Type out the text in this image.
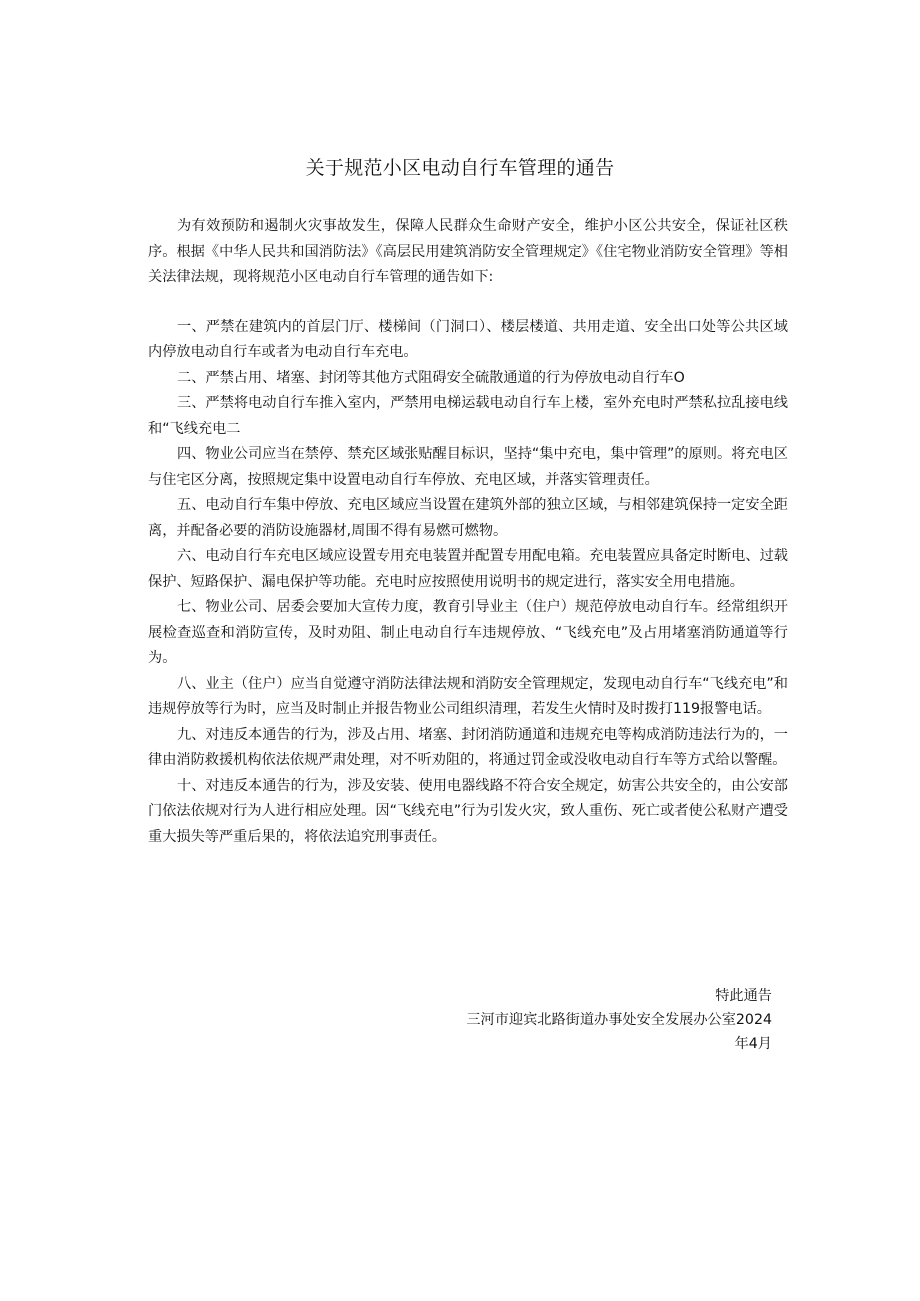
关于规范小区电动自行车管理的通告

为有效预防和遏制火灾事故发生，保障人民群众生命财产安全，维护小区公共安全，保证社区秩序。根据《中华人民共和国消防法》《高层民用建筑消防安全管理规定》《住宅物业消防安全管理》等相关法律法规，现将规范小区电动自行车管理的通告如下:

一、严禁在建筑内的首层门厅、楼梯间（门洞口）、楼层楼道、共用走道、安全出口处等公共区域内停放电动自行车或者为电动自行车充电。

二、严禁占用、堵塞、封闭等其他方式阻碍安全硫散通道的行为停放电动自行车O

三、严禁将电动自行车推入室内，严禁用电梯运载电动自行车上楼，室外充电时严禁私拉乱接电线和“飞线充电二

四、物业公司应当在禁停、禁充区域张贴醒目标识，坚持“集中充电，集中管理”的原则。将充电区与住宅区分离，按照规定集中设置电动自行车停放、充电区域，并落实管理责任。

五、电动自行车集中停放、充电区域应当设置在建筑外部的独立区域，与相邻建筑保持一定安全距离，并配备必要的消防设施器材,周围不得有易燃可燃物。

六、电动自行车充电区域应设置专用充电装置并配置专用配电箱。充电装置应具备定时断电、过载保护、短路保护、漏电保护等功能。充电时应按照使用说明书的规定进行，落实安全用电措施。

七、物业公司、居委会要加大宣传力度，教育引导业主（住户）规范停放电动自行车。经常组织开展检查巡查和消防宣传，及时劝阻、制止电动自行车违规停放、“飞线充电”及占用堵塞消防通道等行为。

八、业主（住户）应当自觉遵守消防法律法规和消防安全管理规定，发现电动自行车“飞线充电”和违规停放等行为时，应当及时制止并报告物业公司组织清理，若发生火情时及时拨打119报警电话。

九、对违反本通告的行为，涉及占用、堵塞、封闭消防通道和违规充电等构成消防违法行为的，一律由消防救援机构依法依规严肃处理，对不听劝阻的，将通过罚金或没收电动自行车等方式给以警醒。

十、对违反本通告的行为，涉及安装、使用电器线路不符合安全规定，妨害公共安全的，由公安部门依法依规对行为人进行相应处理。因“飞线充电”行为引发火灾，致人重伤、死亡或者使公私财产遭受重大损失等严重后果的，将依法追究刑事责任。

特此通告
三河市迎宾北路街道办事处安全发展办公室2024
年4月
